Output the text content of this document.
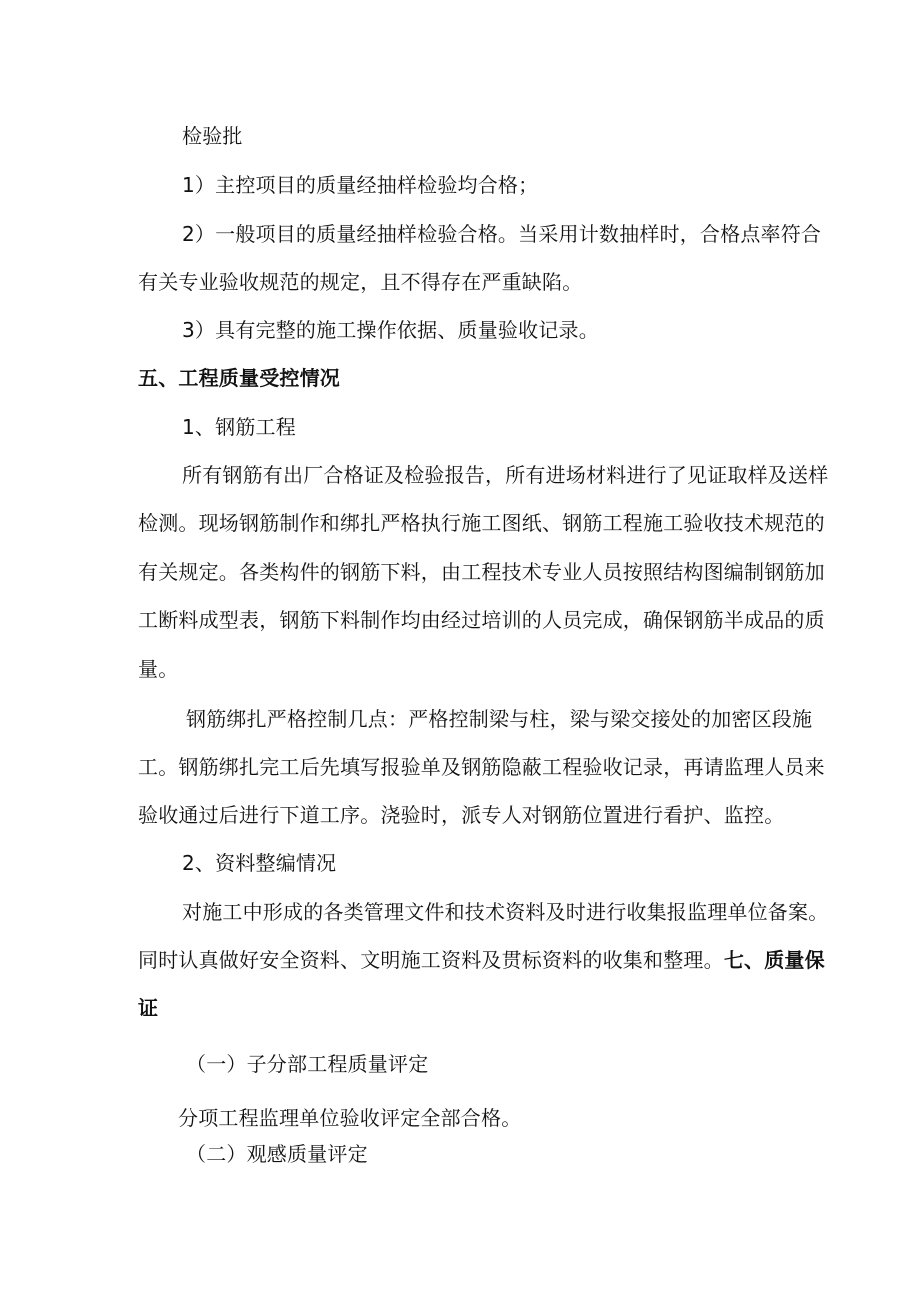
检验批
1）主控项目的质量经抽样检验均合格；
2）一般项目的质量经抽样检验合格。当采用计数抽样时，合格点率符合
有关专业验收规范的规定，且不得存在严重缺陷。
3）具有完整的施工操作依据、质量验收记录。
五、工程质量受控情况
1、钢筋工程
所有钢筋有出厂合格证及检验报告，所有进场材料进行了见证取样及送样
检测。现场钢筋制作和绑扎严格执行施工图纸、钢筋工程施工验收技术规范的
有关规定。各类构件的钢筋下料，由工程技术专业人员按照结构图编制钢筋加
工断料成型表，钢筋下料制作均由经过培训的人员完成，确保钢筋半成品的质
量。
钢筋绑扎严格控制几点：严格控制梁与柱，梁与梁交接处的加密区段施
工。钢筋绑扎完工后先填写报验单及钢筋隐蔽工程验收记录，再请监理人员来
验收通过后进行下道工序。浇验时，派专人对钢筋位置进行看护、监控。
2、资料整编情况
对施工中形成的各类管理文件和技术资料及时进行收集报监理单位备案。
同时认真做好安全资料、文明施工资料及贯标资料的收集和整理。七、质量保
证
（一）子分部工程质量评定
分项工程监理单位验收评定全部合格。
（二）观感质量评定
